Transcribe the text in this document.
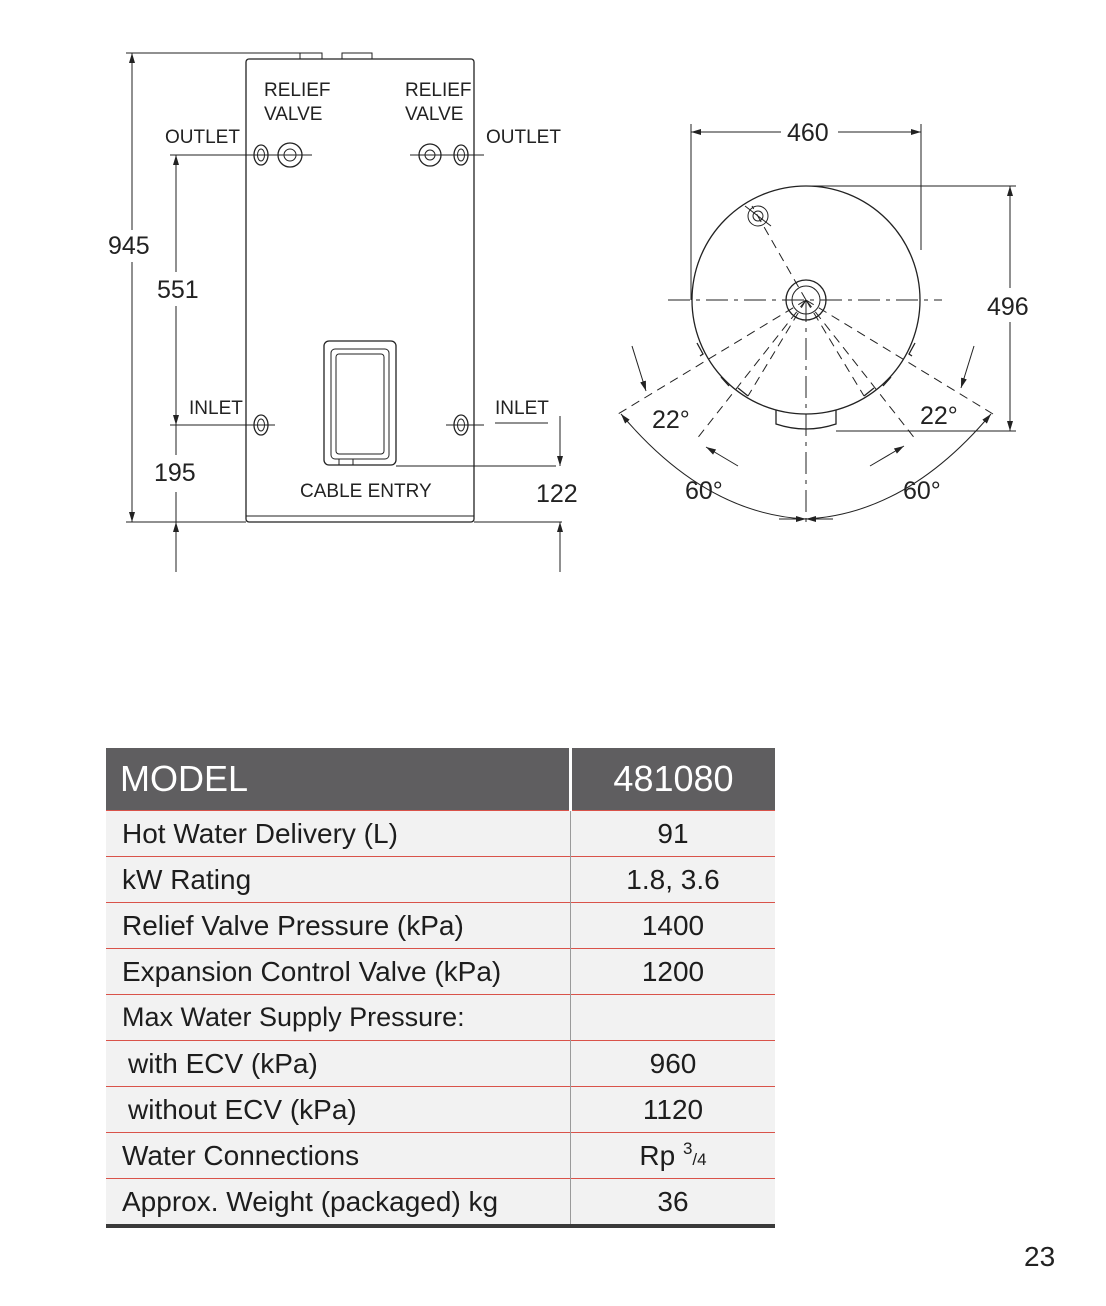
RELIEF
VALVE
RELIEF
VALVE
OUTLET	OUTLET
INLET	INLET
CABLE ENTRY
945
551
195
122
460
496
22°	22°
60°	60°
MODEL	481080
Hot Water Delivery (L)	91
kW Rating	1.8, 3.6
Relief Valve Pressure (kPa)	1400
Expansion Control Valve (kPa)	1200
Max Water Supply Pressure:	
with ECV (kPa)	960
without ECV (kPa)	1120
Water Connections	Rp $^3$/4
Approx. Weight (packaged) kg	36
23
